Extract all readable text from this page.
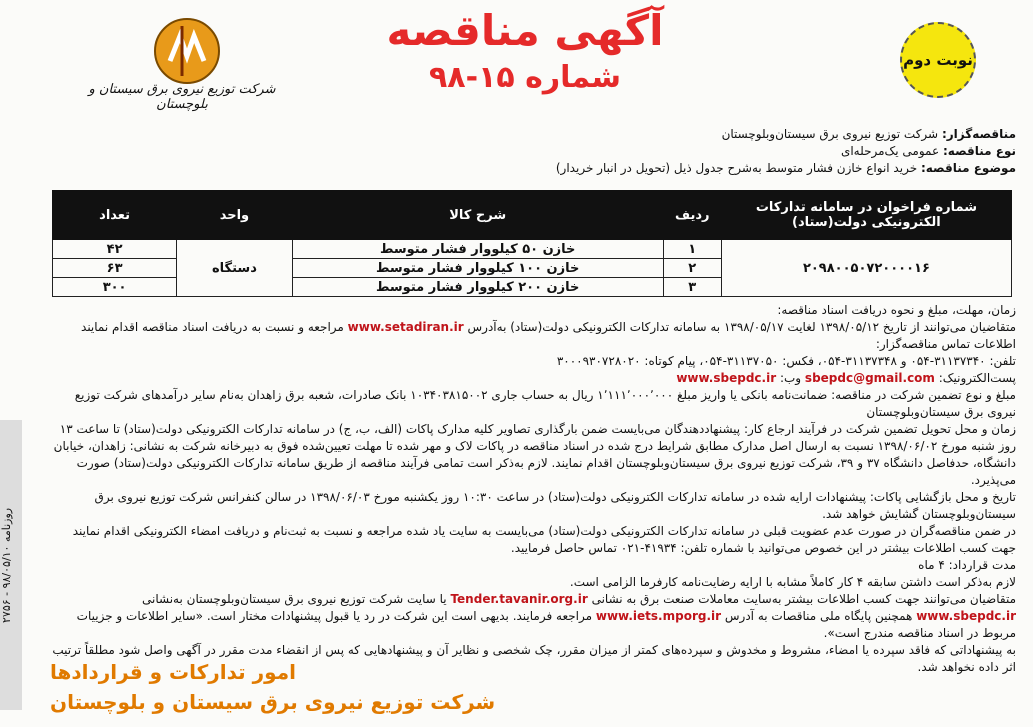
شرکت توزیع نیروی برق سیستان و بلوچستان
آگهی مناقصه
شماره ۱۵-۹۸
نوبت دوم
مناقصه‌گزار: شرکت توزیع نیروی برق سیستان‌وبلوچستان
نوع مناقصه: عمومی یک‌مرحله‌ای
موضوع مناقصه: خرید انواع خازن فشار متوسط به‌شرح جدول ذیل (تحویل در انبار خریدار)
شماره فراخوان در سامانه تدارکات الکترونیکی دولت(ستاد)	ردیف	شرح کالا	واحد	تعداد
۲۰۹۸۰۰۵۰۷۲۰۰۰۰۱۶	۱	خازن ۵۰ کیلووار فشار متوسط	دستگاه	۴۲
	۲	خازن ۱۰۰ کیلووار فشار متوسط		۶۳
	۳	خازن ۲۰۰ کیلووار فشار متوسط		۳۰۰
زمان، مهلت، مبلغ و نحوه دریافت اسناد مناقصه:
متقاضیان می‌توانند از تاریخ ۱۳۹۸/۰۵/۱۲ لغایت ۱۳۹۸/۰۵/۱۷ به سامانه تدارکات الکترونیکی دولت(ستاد) به‌آدرس www.setadiran.ir مراجعه و نسبت به دریافت اسناد مناقصه اقدام نمایند
اطلاعات تماس مناقصه‌گزار:
تلفن: ۳۱۱۳۷۳۴۰-۰۵۴ و ۳۱۱۳۷۳۴۸-۰۵۴، فکس: ۳۱۱۳۷۰۵۰-۰۵۴، پیام کوتاه: ۳۰۰۰۹۳۰۷۲۸۰۲۰
پست‌الکترونیک: sbepdc@gmail.com وب: www.sbepdc.ir
مبلغ و نوع تضمین شرکت در مناقصه: ضمانت‌نامه بانکی یا واریز مبلغ ۱٬۱۱۱٬۰۰۰٬۰۰۰ ریال به حساب جاری ۱۰۳۴۰۳۸۱۵۰۰۲ بانک صادرات، شعبه برق زاهدان به‌نام سایر درآمدهای شرکت توزیع نیروی برق سیستان‌وبلوچستان
زمان و محل تحویل تضمین شرکت در فرآیند ارجاع کار: پیشنهاددهندگان می‌بایست ضمن بارگذاری تصاویر کلیه مدارک پاکات (الف، ب، ج) در سامانه تدارکات الکترونیکی دولت(ستاد) تا ساعت ۱۳ روز شنبه مورخ ۱۳۹۸/۰۶/۰۲ نسبت به ارسال اصل مدارک مطابق شرایط درج شده در اسناد مناقصه در پاکات لاک و مهر شده تا مهلت تعیین‌شده فوق به دبیرخانه شرکت به نشانی: زاهدان، خیابان دانشگاه، حدفاصل دانشگاه ۳۷ و ۳۹، شرکت توزیع نیروی برق سیستان‌وبلوچستان اقدام نمایند. لازم به‌ذکر است تمامی فرآیند مناقصه از طریق سامانه تدارکات الکترونیکی دولت(ستاد) صورت می‌پذیرد.
تاریخ و محل بازگشایی پاکات: پیشنهادات ارایه شده در سامانه تدارکات الکترونیکی دولت(ستاد) در ساعت ۱۰:۳۰ روز یکشنبه مورخ ۱۳۹۸/۰۶/۰۳ در سالن کنفرانس شرکت توزیع نیروی برق سیستان‌وبلوچستان گشایش خواهد شد.
در ضمن مناقصه‌گران در صورت عدم عضویت قبلی در سامانه تدارکات الکترونیکی دولت(ستاد) می‌بایست به سایت یاد شده مراجعه و نسبت به ثبت‌نام و دریافت امضاء الکترونیکی اقدام نمایند جهت کسب اطلاعات بیشتر در این خصوص می‌توانید با شماره تلفن: ۴۱۹۳۴-۰۲۱ تماس حاصل فرمایید.
مدت قرارداد: ۴ ماه
لازم به‌ذکر است داشتن سابقه ۴ کار کاملاً مشابه با ارایه رضایت‌نامه کارفرما الزامی است.
متقاضیان می‌توانند جهت کسب اطلاعات بیشتر به‌سایت معاملات صنعت برق به نشانی Tender.tavanir.org.ir یا سایت شرکت توزیع نیروی برق سیستان‌وبلوچستان به‌نشانی www.sbepdc.ir همچنین پایگاه ملی مناقصات به آدرس www.iets.mporg.ir مراجعه فرمایند. بدیهی است این شرکت در رد یا قبول پیشنهادات مختار است. «سایر اطلاعات و جزییات مربوط در اسناد مناقصه مندرج است».
به پیشنهاداتی که فاقد سپرده یا امضاء، مشروط و مخدوش و سپرده‌های کمتر از میزان مقرر، چک شخصی و نظایر آن و پیشنهادهایی که پس از انقضاء مدت مقرر در آگهی واصل شود مطلقاً ترتیب اثر داده نخواهد شد.
امور تدارکات و قراردادها
شرکت توزیع نیروی برق سیستان و بلوچستان
روزنامه ۹۸/۰۵/۱۰ - ۲۷۵۶
